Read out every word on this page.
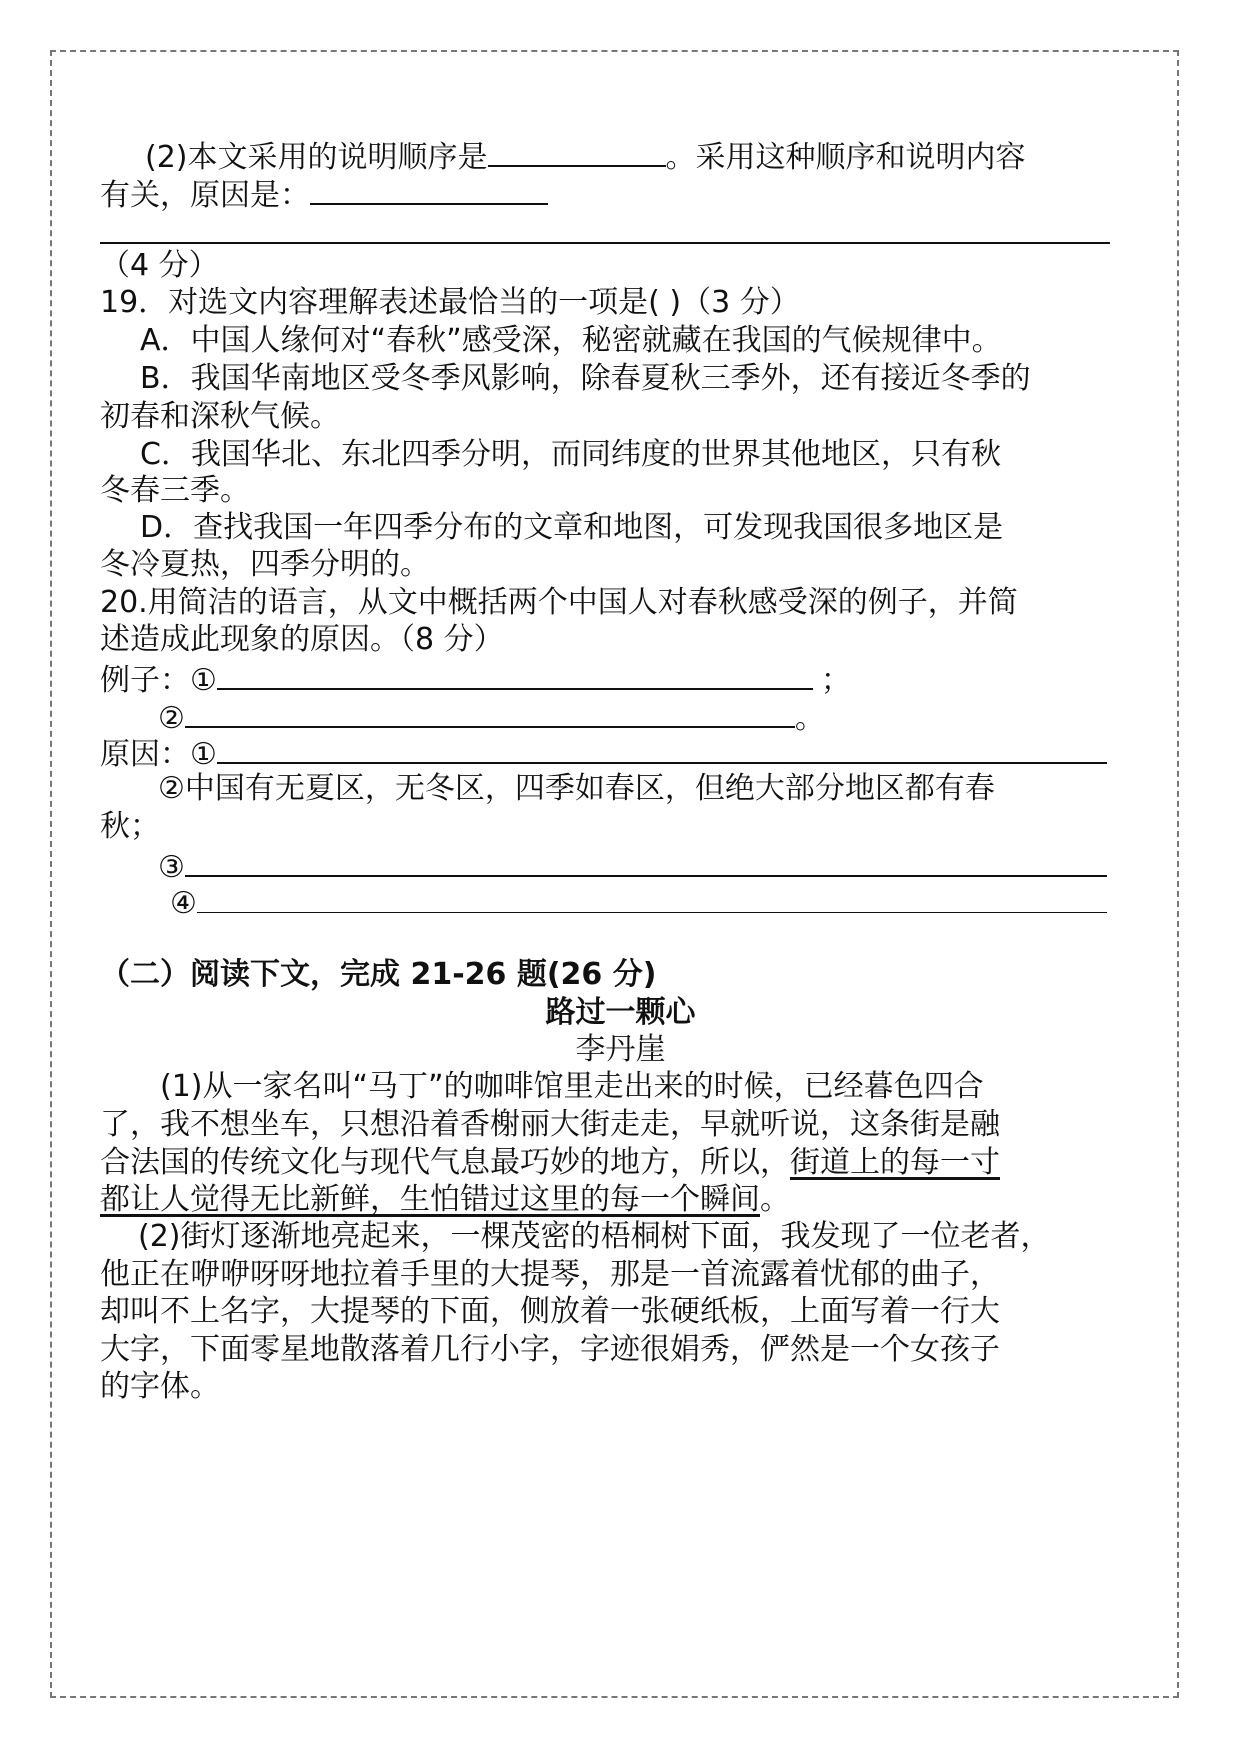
(2)本文采用的说明顺序是	。采用这种顺序和说明内容
有关，原因是：
（4 分）
19．对选文内容理解表述最恰当的一项是( )（3 分）
A．中国人缘何对“春秋”感受深，秘密就藏在我国的气候规律中。
B．我国华南地区受冬季风影响，除春夏秋三季外，还有接近冬季的
初春和深秋气候。
C．我国华北、东北四季分明，而同纬度的世界其他地区，只有秋
冬春三季。
D．查找我国一年四季分布的文章和地图，可发现我国很多地区是
冬冷夏热，四季分明的。
20.用简洁的语言，从文中概括两个中国人对春秋感受深的例子，并简
述造成此现象的原因。（8 分）
例子：①	；
②	。
原因：①
②中国有无夏区，无冬区，四季如春区，但绝大部分地区都有春
秋；
③
④
（二）阅读下文，完成 21-26 题(26 分)
路过一颗心
李丹崖
(1)从一家名叫“马丁”的咖啡馆里走出来的时候，已经暮色四合
了，我不想坐车，只想沿着香榭丽大街走走，早就听说，这条街是融
合法国的传统文化与现代气息最巧妙的地方，所以，街道上的每一寸
都让人觉得无比新鲜，生怕错过这里的每一个瞬间。
(2)街灯逐渐地亮起来，一棵茂密的梧桐树下面，我发现了一位老者，
他正在咿咿呀呀地拉着手里的大提琴，那是一首流露着忧郁的曲子，
却叫不上名字，大提琴的下面，侧放着一张硬纸板，上面写着一行大
大字，下面零星地散落着几行小字，字迹很娟秀，俨然是一个女孩子
的字体。
